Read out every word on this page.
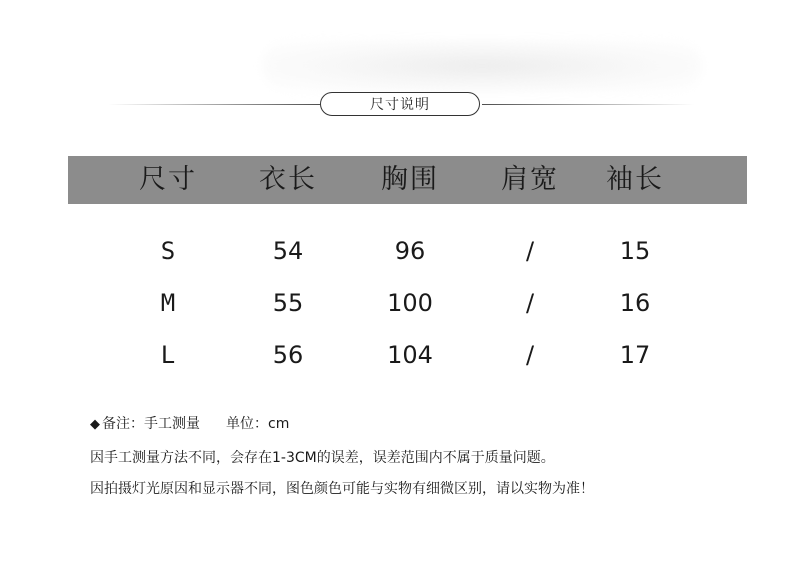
尺寸说明
尺寸 衣长 胸围 肩宽 袖长
S	54	96	/	15
M	55	100	/	16
L	56	104	/	17
◆ 备注：手工测量 单位：cm
因手工测量方法不同，会存在1-3CM的误差，误差范围内不属于质量问题。
因拍摄灯光原因和显示器不同，图色颜色可能与实物有细微区别，请以实物为准！
